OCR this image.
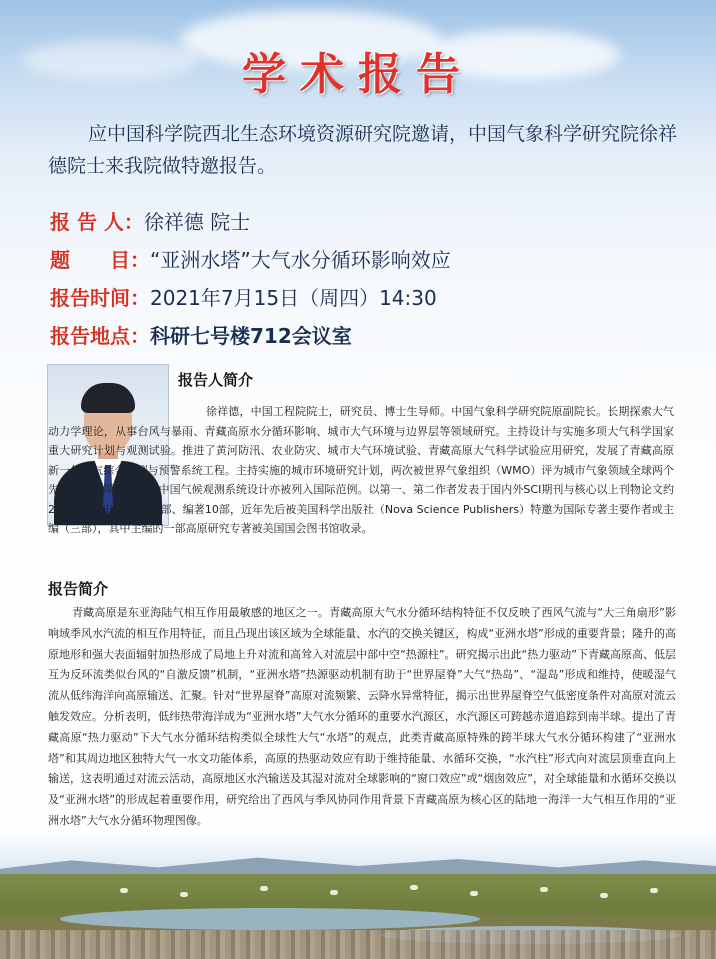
学术报告
应中国科学院西北生态环境资源研究院邀请，中国气象科学研究院徐祥德院士来我院做特邀报告。
报 告 人：徐祥德 院士
题　　目：“亚洲水塔”大气水分循环影响效应
报告时间：2021年7月15日（周四）14:30
报告地点：科研七号楼712会议室
报告人简介
徐祥德，中国工程院院士，研究员、博士生导师。中国气象科学研究院原副院长。长期探索大气动力学理论，从事台风与暴雨、青藏高原水分循环影响、城市大气环境与边界层等领域研究。主持设计与实施多项大气科学国家重大研究计划与观测试验。推进了黄河防汛、农业防灾、城市大气环境试验、青藏高原大气科学试验应用研究，发展了青藏高原新一代大气综合监测与预警系统工程。主持实施的城市环境研究计划，两次被世界气象组织（WMO）评为城市气象领域全球两个先导性示范项目之一；中国气候观测系统设计亦被列入国际范例。以第一、第二作者发表于国内外SCI期刊与核心以上刊物论文约200余篇，出版专著11部、编著10部，近年先后被美国科学出版社（Nova Science Publishers）特邀为国际专著主要作者或主编（三部），其中主编的一部高原研究专著被美国国会图书馆收录。
报告简介
青藏高原是东亚海陆气相互作用最敏感的地区之一。青藏高原大气水分循环结构特征不仅反映了西风气流与“大三角扇形”影响域季风水汽流的相互作用特征，而且凸现出该区域为全球能量、水汽的交换关键区，构成“亚洲水塔”形成的重要背景；隆升的高原地形和强大表面辐射加热形成了局地上升对流和高耸入对流层中部中空“热源柱”。研究揭示出此“热力驱动”下青藏高原高、低层互为反环流类似台风的“自激反馈”机制，“亚洲水塔”热源驱动机制有助于“世界屋脊”大气“热岛”、“湿岛”形成和维持，使暖湿气流从低纬海洋向高原输送、汇聚。针对“世界屋脊”高原对流频繁、云降水异常特征，揭示出世界屋脊空气低密度条件对高原对流云触发效应。分析表明，低纬热带海洋成为“亚洲水塔”大气水分循环的重要水汽源区，水汽源区可跨越赤道追踪到南半球。提出了青藏高原“热力驱动”下大气水分循环结构类似全球性大气“水塔”的观点，此类青藏高原特殊的跨半球大气水分循环构建了“亚洲水塔”和其周边地区独特大气一水文功能体系，高原的热驱动效应有助于维持能量、水循环交换，“水汽柱”形式向对流层顶垂直向上输送，这表明通过对流云活动，高原地区水汽输送及其湿对流对全球影响的“窗口效应”或“烟囱效应”，对全球能量和水循环交换以及“亚洲水塔”的形成起着重要作用，研究给出了西风与季风协同作用背景下青藏高原为核心区的陆地一海洋一大气相互作用的“亚洲水塔”大气水分循环物理图像。
